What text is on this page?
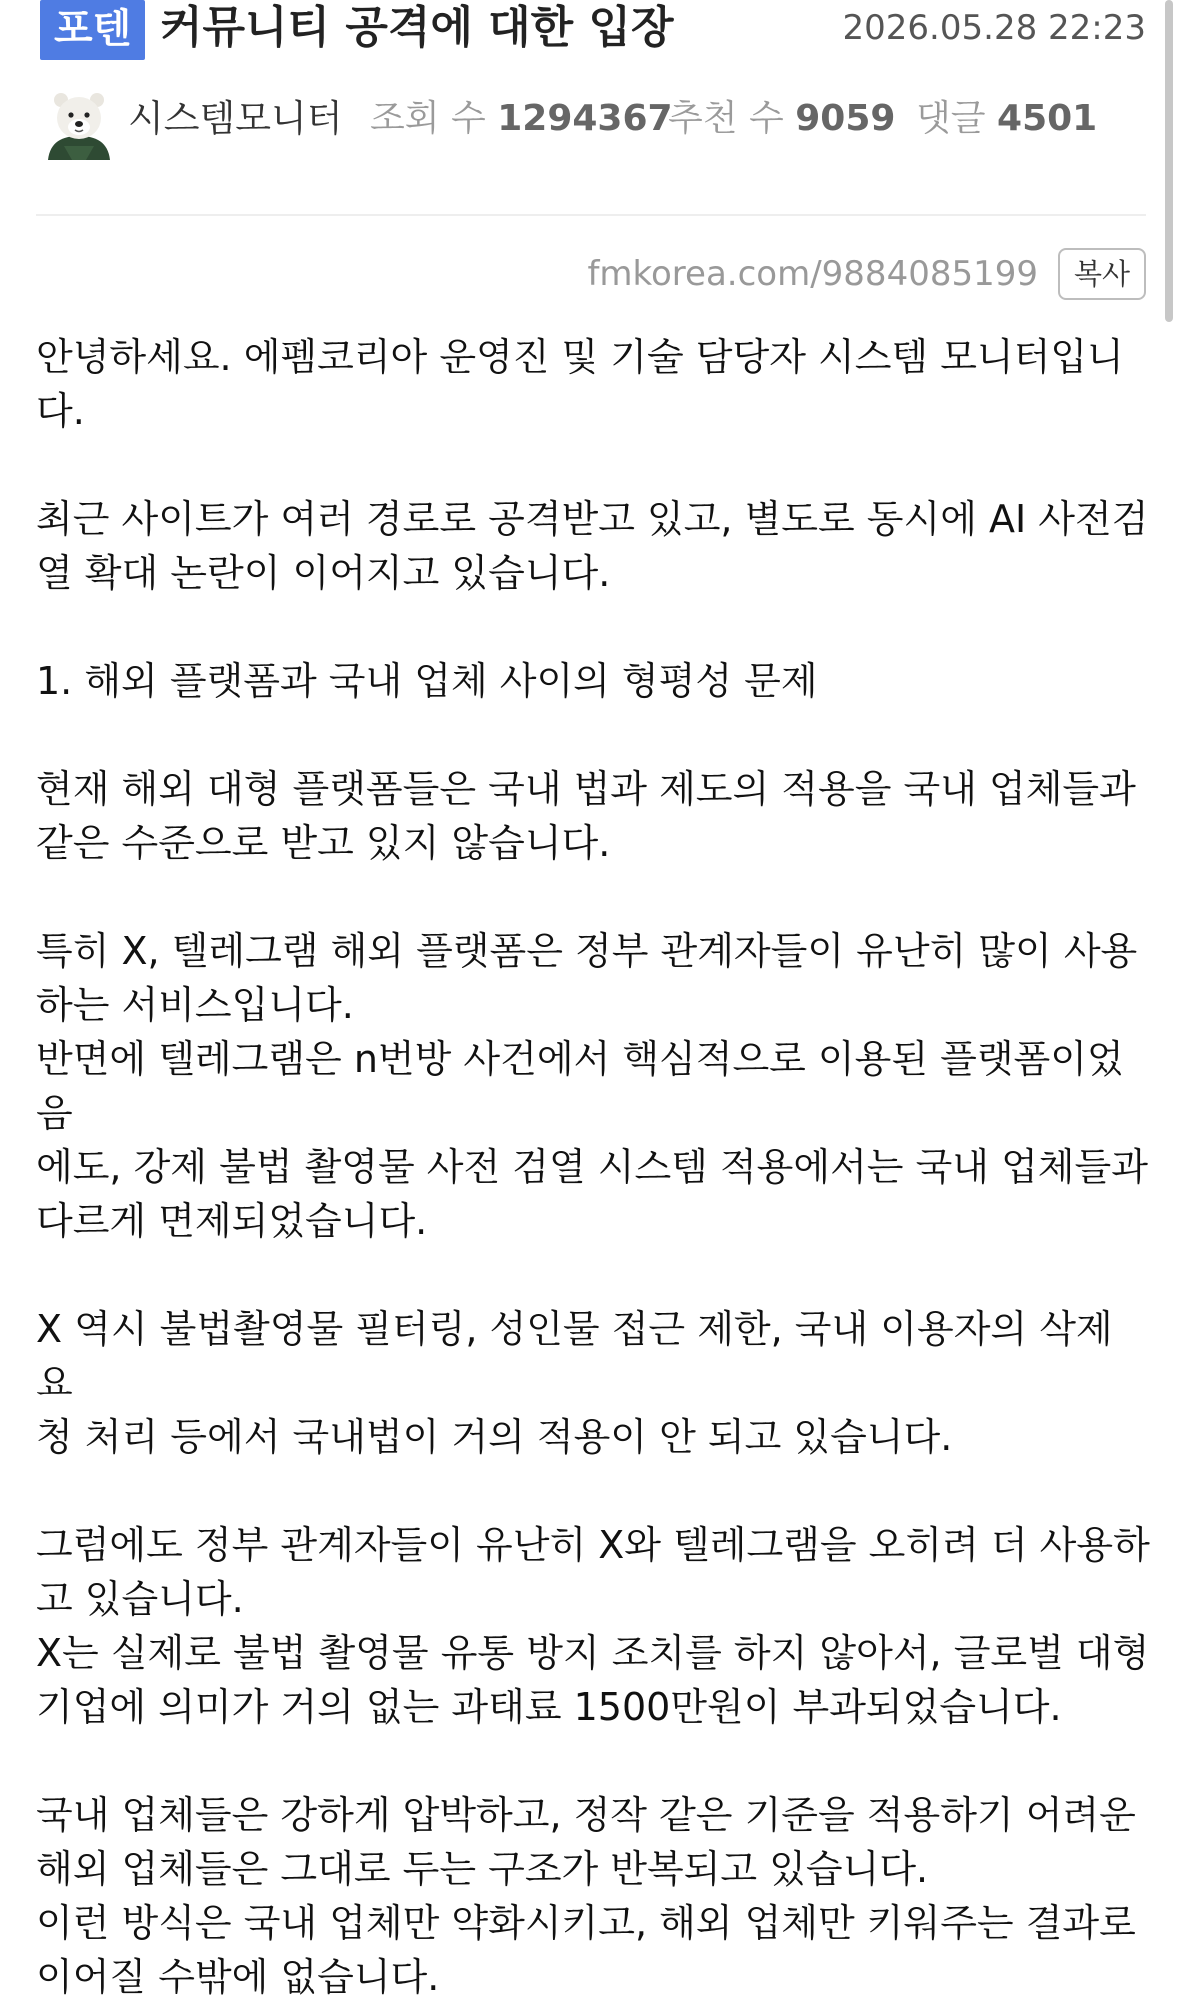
포텐 커뮤니티 공격에 대한 입장	2026.05.28 22:23
시스템모니터 조회 수 1294367
추천 수 9059 댓글 4501
fmkorea.com/9884085199	복사

안녕하세요. 에펨코리아 운영진 및 기술 담당자 시스템 모니터입니
다.

최근 사이트가 여러 경로로 공격받고 있고, 별도로 동시에 AI 사전검
열 확대 논란이 이어지고 있습니다.

1. 해외 플랫폼과 국내 업체 사이의 형평성 문제

현재 해외 대형 플랫폼들은 국내 법과 제도의 적용을 국내 업체들과
같은 수준으로 받고 있지 않습니다.

특히 X, 텔레그램 해외 플랫폼은 정부 관계자들이 유난히 많이 사용
하는 서비스입니다.
반면에 텔레그램은 n번방 사건에서 핵심적으로 이용된 플랫폼이었음
에도, 강제 불법 촬영물 사전 검열 시스템 적용에서는 국내 업체들과
다르게 면제되었습니다.

X 역시 불법촬영물 필터링, 성인물 접근 제한, 국내 이용자의 삭제 요
청 처리 등에서 국내법이 거의 적용이 안 되고 있습니다.

그럼에도 정부 관계자들이 유난히 X와 텔레그램을 오히려 더 사용하
고 있습니다.
X는 실제로 불법 촬영물 유통 방지 조치를 하지 않아서, 글로벌 대형
기업에 의미가 거의 없는 과태료 1500만원이 부과되었습니다.

국내 업체들은 강하게 압박하고, 정작 같은 기준을 적용하기 어려운
해외 업체들은 그대로 두는 구조가 반복되고 있습니다.
이런 방식은 국내 업체만 약화시키고, 해외 업체만 키워주는 결과로
이어질 수밖에 없습니다.
